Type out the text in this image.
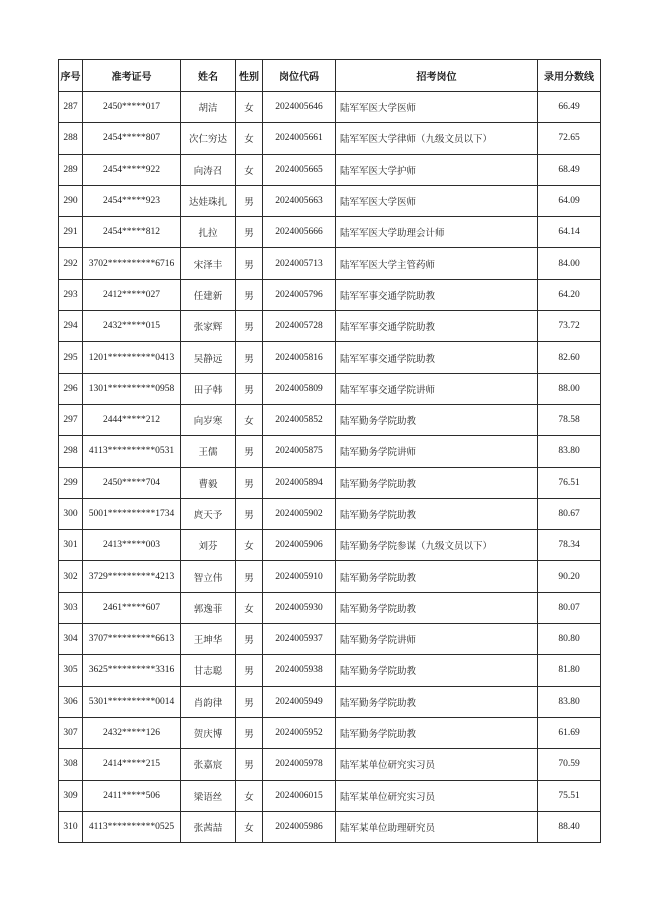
序号	准考证号	姓名	性别	岗位代码	招考岗位	录用分数线
287	2450*****017	胡洁	女	2024005646	陆军军医大学医师	66.49
288	2454*****807	次仁穷达	女	2024005661	陆军军医大学律师（九级文员以下）	72.65
289	2454*****922	向涛召	女	2024005665	陆军军医大学护师	68.49
290	2454*****923	达娃珠扎	男	2024005663	陆军军医大学医师	64.09
291	2454*****812	扎拉	男	2024005666	陆军军医大学助理会计师	64.14
292	3702**********6716	宋泽丰	男	2024005713	陆军军医大学主管药师	84.00
293	2412*****027	任建新	男	2024005796	陆军军事交通学院助教	64.20
294	2432*****015	张家辉	男	2024005728	陆军军事交通学院助教	73.72
295	1201**********0413	吴静远	男	2024005816	陆军军事交通学院助教	82.60
296	1301**********0958	田子韩	男	2024005809	陆军军事交通学院讲师	88.00
297	2444*****212	向岁寒	女	2024005852	陆军勤务学院助教	78.58
298	4113**********0531	王儒	男	2024005875	陆军勤务学院讲师	83.80
299	2450*****704	曹毅	男	2024005894	陆军勤务学院助教	76.51
300	5001**********1734	庹天予	男	2024005902	陆军勤务学院助教	80.67
301	2413*****003	刘芬	女	2024005906	陆军勤务学院参谋（九级文员以下）	78.34
302	3729**********4213	智立伟	男	2024005910	陆军勤务学院助教	90.20
303	2461*****607	郭逸菲	女	2024005930	陆军勤务学院助教	80.07
304	3707**********6613	王坤华	男	2024005937	陆军勤务学院讲师	80.80
305	3625**********3316	甘志聪	男	2024005938	陆军勤务学院助教	81.80
306	5301**********0014	肖韵律	男	2024005949	陆军勤务学院助教	83.80
307	2432*****126	贺庆博	男	2024005952	陆军勤务学院助教	61.69
308	2414*****215	张嘉宸	男	2024005978	陆军某单位研究实习员	70.59
309	2411*****506	梁语丝	女	2024006015	陆军某单位研究实习员	75.51
310	4113**********0525	张茜喆	女	2024005986	陆军某单位助理研究员	88.40
